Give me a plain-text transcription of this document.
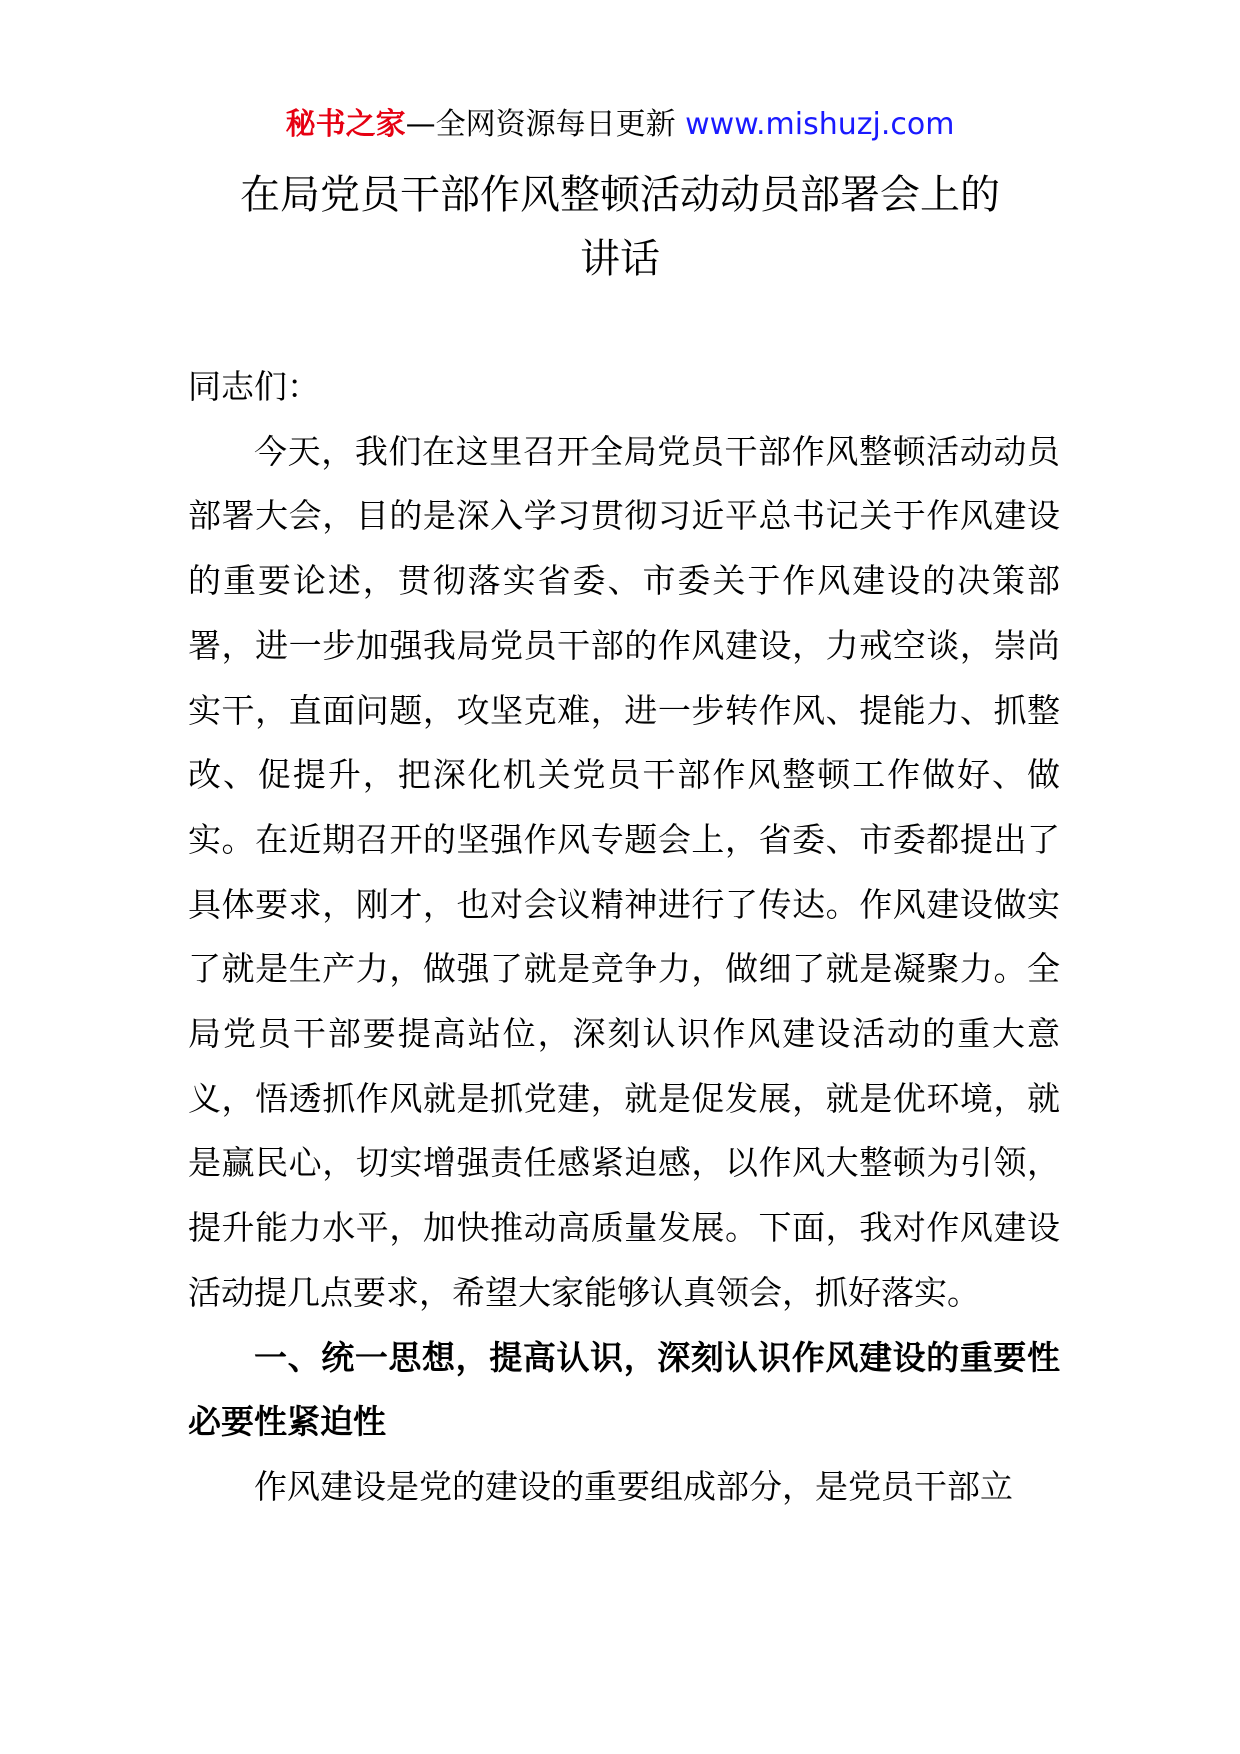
秘书之家—全网资源每日更新 www.mishuzj.com
在局党员干部作风整顿活动动员部署会上的
讲话

同志们：

今天，我们在这里召开全局党员干部作风整顿活动动员部署大会，目的是深入学习贯彻习近平总书记关于作风建设的重要论述，贯彻落实省委、市委关于作风建设的决策部署，进一步加强我局党员干部的作风建设，力戒空谈，崇尚实干，直面问题，攻坚克难，进一步转作风、提能力、抓整改、促提升，把深化机关党员干部作风整顿工作做好、做实。在近期召开的坚强作风专题会上，省委、市委都提出了具体要求，刚才，也对会议精神进行了传达。作风建设做实了就是生产力，做强了就是竞争力，做细了就是凝聚力。全局党员干部要提高站位，深刻认识作风建设活动的重大意义，悟透抓作风就是抓党建，就是促发展，就是优环境，就是赢民心，切实增强责任感紧迫感，以作风大整顿为引领，提升能力水平，加快推动高质量发展。下面，我对作风建设活动提几点要求，希望大家能够认真领会，抓好落实。

一、统一思想，提高认识，深刻认识作风建设的重要性必要性紧迫性

作风建设是党的建设的重要组成部分，是党员干部立
